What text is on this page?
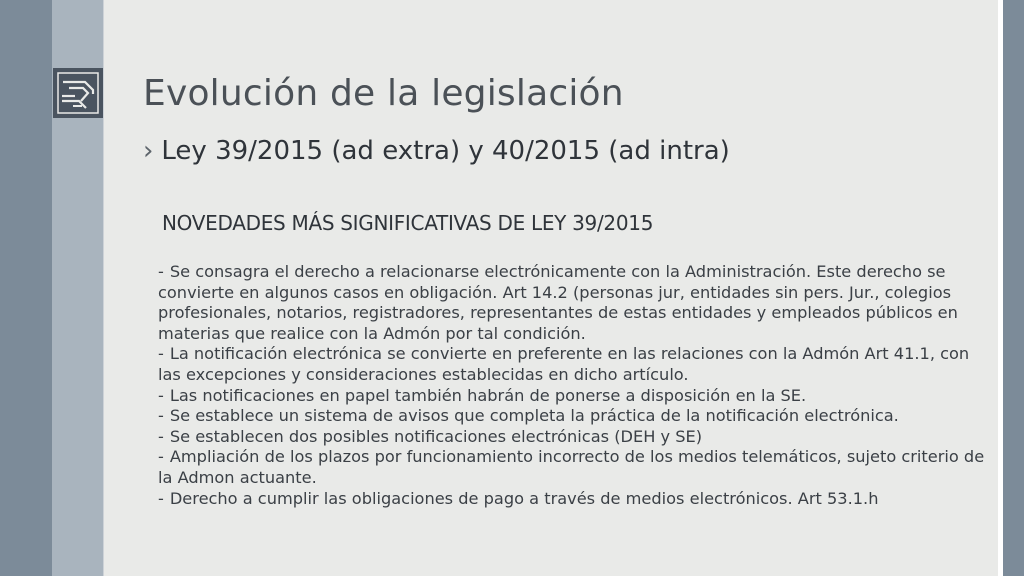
Evolución de la legislación
› Ley 39/2015 (ad extra) y 40/2015 (ad intra)
NOVEDADES MÁS SIGNIFICATIVAS DE LEY 39/2015

- Se consagra el derecho a relacionarse electrónicamente con la Administración. Este derecho se convierte en algunos casos en obligación. Art 14.2 (personas jur, entidades sin pers. Jur., colegios profesionales, notarios, registradores, representantes de estas entidades y empleados públicos en materias que realice con la Admón por tal condición.

- La notificación electrónica se convierte en preferente en las relaciones con la Admón Art 41.1, con las excepciones y consideraciones establecidas en dicho artículo.

- Las notificaciones en papel también habrán de ponerse a disposición en la SE.

- Se establece un sistema de avisos que completa la práctica de la notificación electrónica.

- Se establecen dos posibles notificaciones electrónicas (DEH y SE)

- Ampliación de los plazos por funcionamiento incorrecto de los medios telemáticos, sujeto criterio de la Admon actuante.

- Derecho a cumplir las obligaciones de pago a través de medios electrónicos. Art 53.1.h
